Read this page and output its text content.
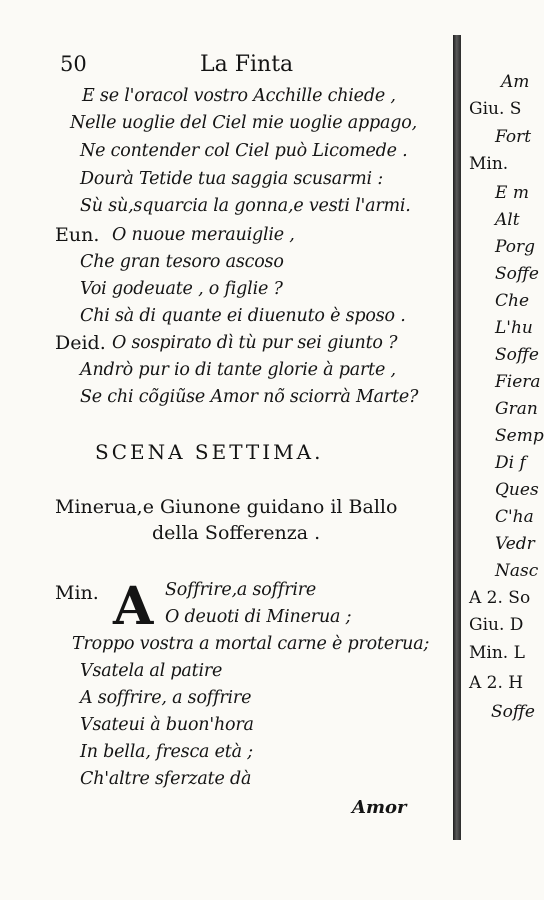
50	La Finta
E se l'oracol vostro Acchille chiede ,
Nelle uoglie del Ciel mie uoglie appago,
Ne contender col Ciel può Licomede .
Dourà Tetide tua saggia scusarmi :
Sù sù,squarcia la gonna,e vesti l'armi.
Eun. O nuoue merauiglie ,
Che gran tesoro ascoso
Voi godeuate , o figlie ?
Chi sà di quante ei diuenuto è sposo .
Deid. O sospirato dì tù pur sei giunto ?
Andrò pur io di tante glorie à parte ,
Se chi cõgiũse Amor nõ sciorrà Marte?
SCENA SETTIMA.
Minerua,e Giunone guidano il Ballo
della Sofferenza .
Min. A Soffrire,a soffrire
O deuoti di Minerua ;
Troppo vostra a mortal carne è proterua;
Vsatela al patire
A soffrire, a soffrire
Vsateui à buon'hora
In bella, fresca età ;
Ch'altre sferzate dà
Amor
Am
Giu. S
Fort
Min.
E m
Alt
Porg
Soffe
Che
L'hu
Soffe
Fiera
Gran
Semp
Di f
Ques
C'ha
Vedr
Nasc
A 2. So
Giu. D
Min. L
A 2. H
Soffe
